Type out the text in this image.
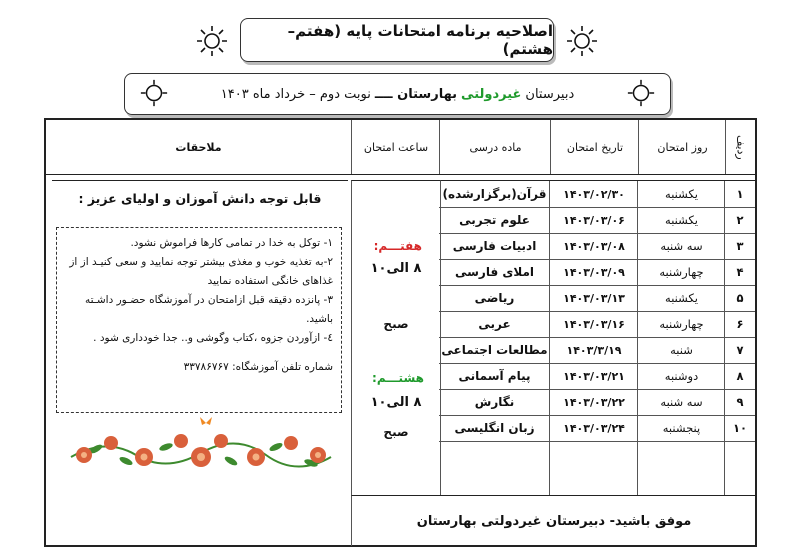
اصلاحیه برنامه امتحانات پایه (هفتم– هشتم)
دبیرستان
غیردولتی
بهارستان ــــ
نوبت دوم – خرداد ماه ۱۴۰۳
ردیف
روز امتحان
تاریخ امتحان
ماده درسی
ساعت امتحان
ملاحقات
۱
یکشنبه
۱۴۰۳/۰۲/۳۰
قرآن(برگزارشده)
۲
یکشنبه
۱۴۰۳/۰۳/۰۶
علوم تجربی
۳
سه شنبه
۱۴۰۳/۰۳/۰۸
ادبیات فارسی
۴
چهارشنبه
۱۴۰۳/۰۳/۰۹
املای فارسی
۵
یکشنبه
۱۴۰۳/۰۳/۱۳
ریاضی
۶
چهارشنبه
۱۴۰۳/۰۳/۱۶
عربی
۷
شنبه
۱۴۰۳/۳/۱۹
مطالعات اجتماعی
۸
دوشنبه
۱۴۰۳/۰۳/۲۱
پیام آسمانی
۹
سه شنبه
۱۴۰۳/۰۳/۲۲
نگارش
۱۰
پنجشنبه
۱۴۰۳/۰۳/۲۴
زبان انگلیسی
هفتـــم:
۸ الی۱۰
صبح
هشتـــم:
۸ الی۱۰
صبح
قابل توجه دانش آموزان و اولیای عزیز :
۱- توکل به خدا در تمامی کارها فراموش نشود.
۲-به تغذیه خوب و مغذی بیشتر توجه نمایید و سعی کنیـد از از غذاهای خانگی استفاده نمایید
۳- پانزده دقیقه قبل ازامتحان در آموزشگاه حضـور داشـته باشید.
٤- ازآوردن جزوه ،کتاب وگوشی و.. جدا خودداری شود .
شماره تلفن آموزشگاه: ۳۳۷۸۶۷۶۷
موفق باشید- دبیرستان غیردولتی بهارستان
